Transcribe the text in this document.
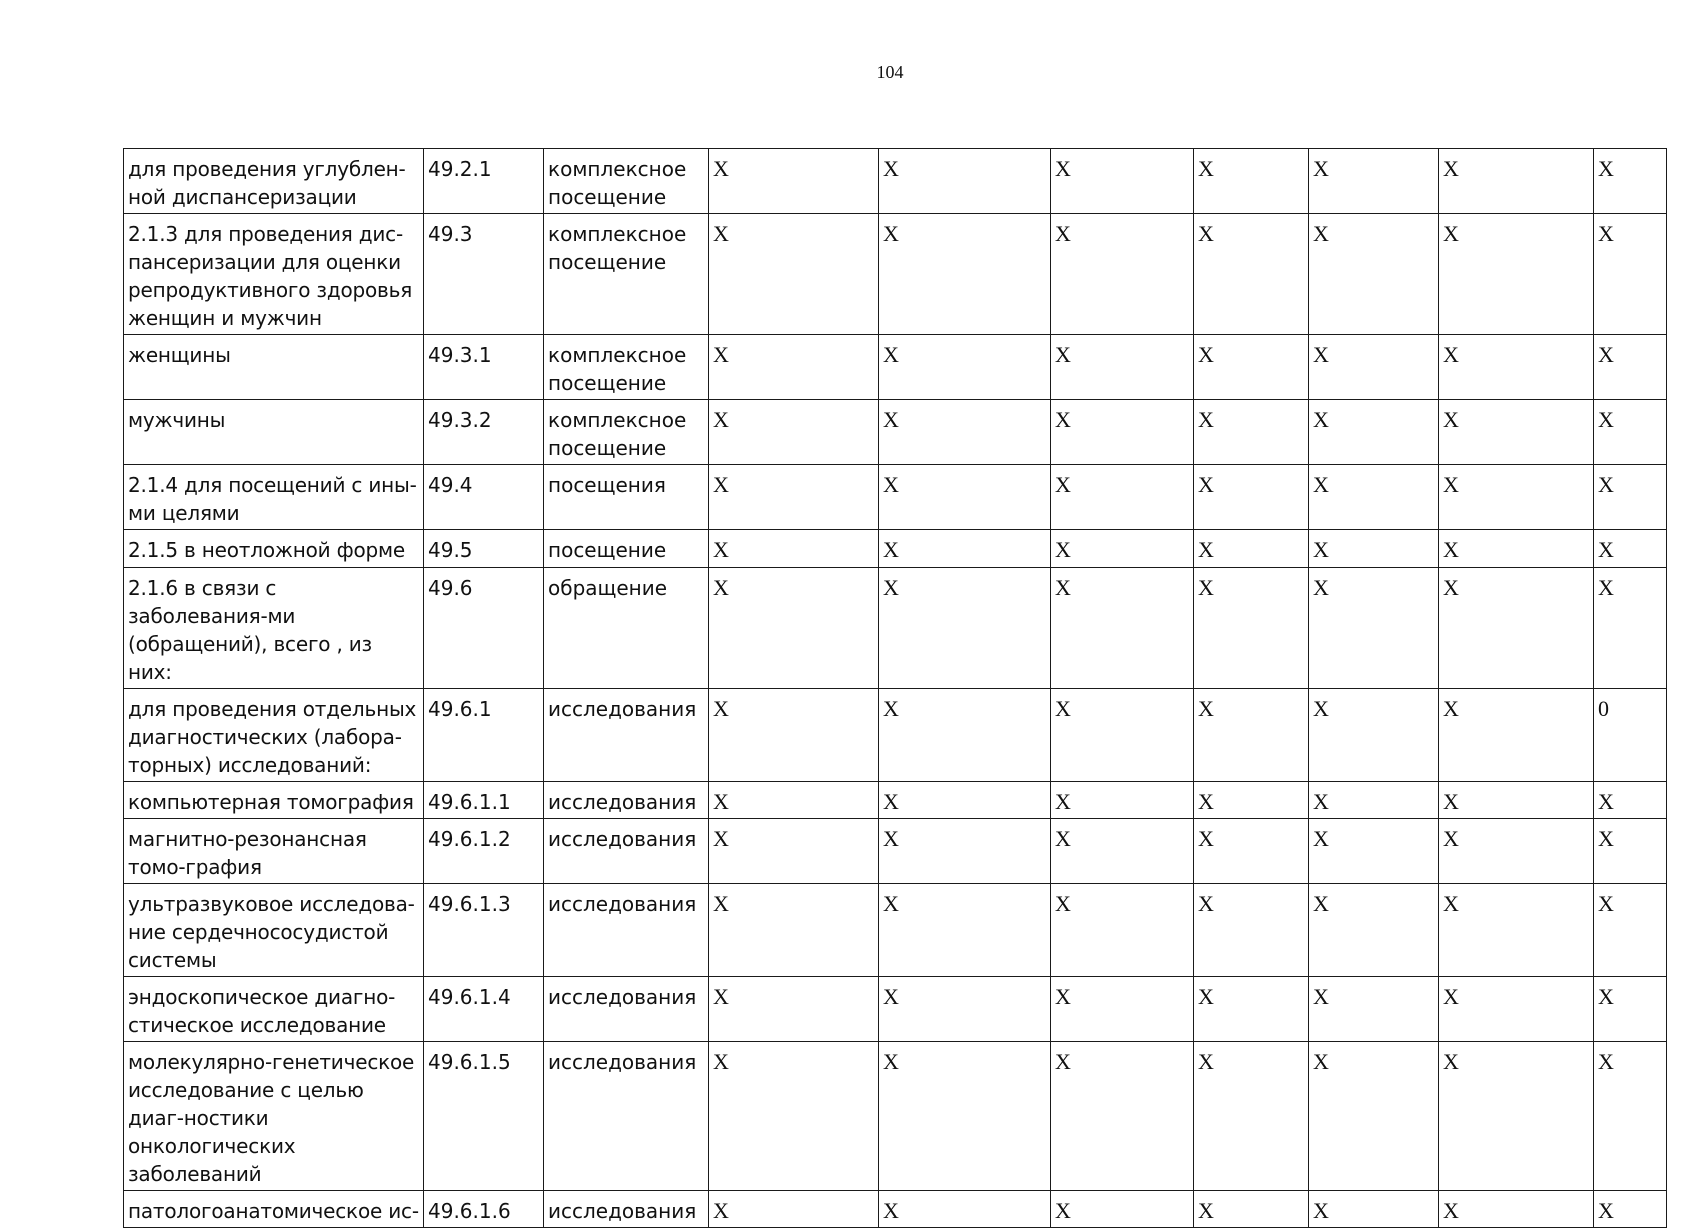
104
для проведения углублен-ной диспансеризации	49.2.1	комплексное посещение	X	X	X	X	X	X	X
2.1.3 для проведения дис-пансеризации для оценки репродуктивного здоровья женщин и мужчин	49.3	комплексное посещение	X	X	X	X	X	X	X
женщины	49.3.1	комплексное посещение	X	X	X	X	X	X	X
мужчины	49.3.2	комплексное посещение	X	X	X	X	X	X	X
2.1.4 для посещений с ины-ми целями	49.4	посещения	X	X	X	X	X	X	X
2.1.5 в неотложной форме	49.5	посещение	X	X	X	X	X	X	X
2.1.6 в связи с заболевания-ми (обращений), всего , из них:	49.6	обращение	X	X	X	X	X	X	X
для проведения отдельных диагностических (лабора-торных) исследований:	49.6.1	исследования	X	X	X	X	X	X	0
компьютерная томография	49.6.1.1	исследования	X	X	X	X	X	X	X
магнитно-резонансная томо-графия	49.6.1.2	исследования	X	X	X	X	X	X	X
ультразвуковое исследова-ние сердечнососудистой системы	49.6.1.3	исследования	X	X	X	X	X	X	X
эндоскопическое диагно-стическое исследование	49.6.1.4	исследования	X	X	X	X	X	X	X
молекулярно-генетическое исследование с целью диаг-ностики онкологических заболеваний	49.6.1.5	исследования	X	X	X	X	X	X	X
патологоанатомическое ис-	49.6.1.6	исследования	X	X	X	X	X	X	X
